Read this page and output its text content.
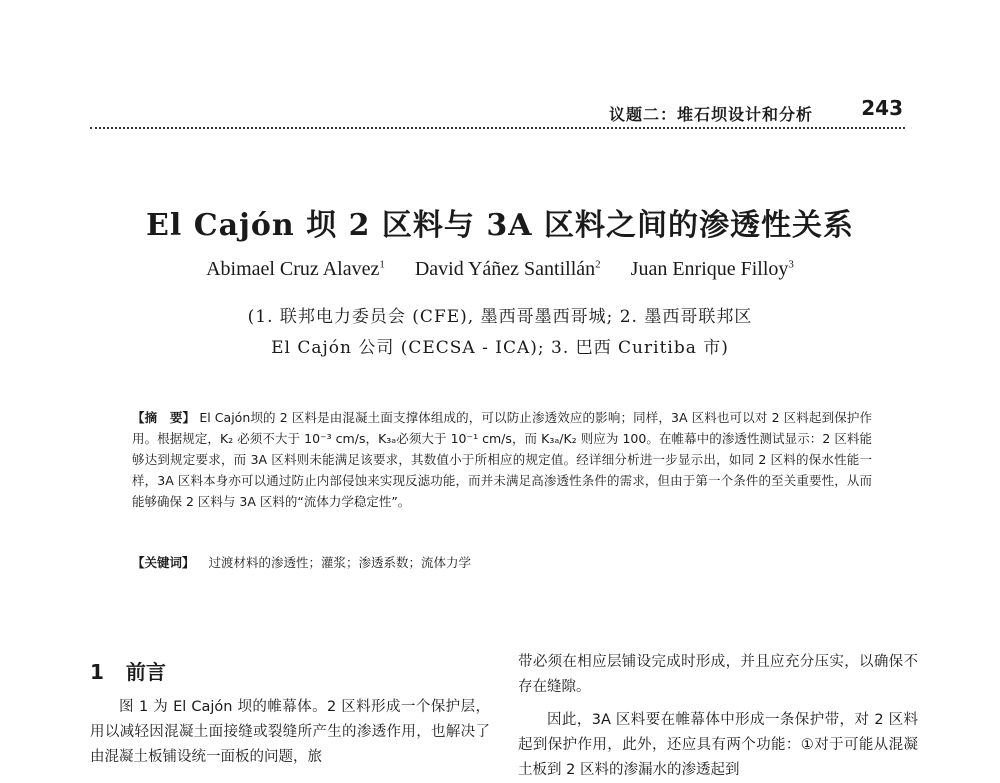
议题二：堆石坝设计和分析 243
El Cajón 坝 2 区料与 3A 区料之间的渗透性关系
Abimael Cruz Alavez$^1$ David Yáñez Santillán$^2$ Juan Enrique Filloy$^3$
(1. 联邦电力委员会 (CFE), 墨西哥墨西哥城; 2. 墨西哥联邦区
El Cajón 公司 (CECSA - ICA); 3. 巴西 Curitiba 市)
【摘　要】 El Cajón坝的 2 区料是由混凝土面支撑体组成的，可以防止渗透效应的影响；同样，3A 区料也可以对 2 区料起到保护作用。根据规定，K₂ 必须不大于 10⁻³ cm/s，K₃ₐ必须大于 10⁻¹ cm/s，而 K₃ₐ/K₂ 则应为 100。在帷幕中的渗透性测试显示：2 区料能够达到规定要求，而 3A 区料则未能满足该要求，其数值小于所相应的规定值。经详细分析进一步显示出，如同 2 区料的保水性能一样，3A 区料本身亦可以通过防止内部侵蚀来实现反滤功能，而并未满足高渗透性条件的需求，但由于第一个条件的至关重要性，从而能够确保 2 区料与 3A 区料的“流体力学稳定性”。
【关键词】 过渡材料的渗透性；灌浆；渗透系数；流体力学
1 前言

图 1 为 El Cajón 坝的帷幕体。2 区料形成一个保护层，用以减轻因混凝土面接缝或裂缝所产生的渗透作用，也解决了由混凝土板铺设统一面板的问题，旅

带必须在相应层铺设完成时形成，并且应充分压实，以确保不存在缝隙。

因此，3A 区料要在帷幕体中形成一条保护带，对 2 区料起到保护作用，此外，还应具有两个功能：①对于可能从混凝土板到 2 区料的渗漏水的渗透起到
